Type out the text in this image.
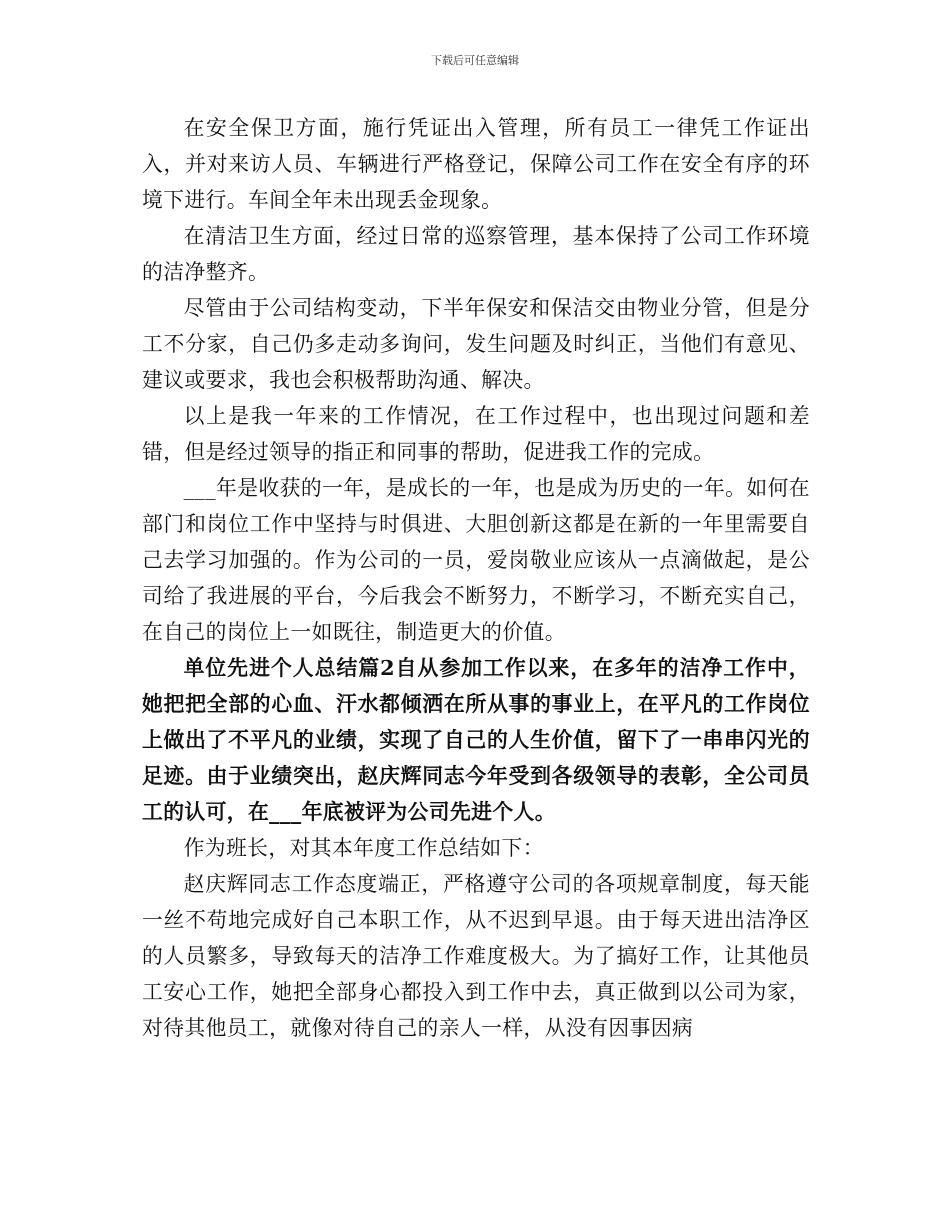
下载后可任意编辑

在安全保卫方面，施行凭证出入管理，所有员工一律凭工作证出入，并对来访人员、车辆进行严格登记，保障公司工作在安全有序的环境下进行。车间全年未出现丢金现象。

在清洁卫生方面，经过日常的巡察管理，基本保持了公司工作环境的洁净整齐。

尽管由于公司结构变动，下半年保安和保洁交由物业分管，但是分工不分家，自己仍多走动多询问，发生问题及时纠正，当他们有意见、建议或要求，我也会积极帮助沟通、解决。

以上是我一年来的工作情况，在工作过程中，也出现过问题和差错，但是经过领导的指正和同事的帮助，促进我工作的完成。

___年是收获的一年，是成长的一年，也是成为历史的一年。如何在部门和岗位工作中坚持与时俱进、大胆创新这都是在新的一年里需要自己去学习加强的。作为公司的一员，爱岗敬业应该从一点滴做起，是公司给了我进展的平台，今后我会不断努力，不断学习，不断充实自己，在自己的岗位上一如既往，制造更大的价值。

单位先进个人总结篇2自从参加工作以来，在多年的洁净工作中，她把把全部的心血、汗水都倾洒在所从事的事业上，在平凡的工作岗位上做出了不平凡的业绩，实现了自己的人生价值，留下了一串串闪光的足迹。由于业绩突出，赵庆辉同志今年受到各级领导的表彰，全公司员工的认可，在___年底被评为公司先进个人。

作为班长，对其本年度工作总结如下：

赵庆辉同志工作态度端正，严格遵守公司的各项规章制度，每天能一丝不苟地完成好自己本职工作，从不迟到早退。由于每天进出洁净区的人员繁多，导致每天的洁净工作难度极大。为了搞好工作，让其他员工安心工作，她把全部身心都投入到工作中去，真正做到以公司为家，对待其他员工，就像对待自己的亲人一样，从没有因事因病
